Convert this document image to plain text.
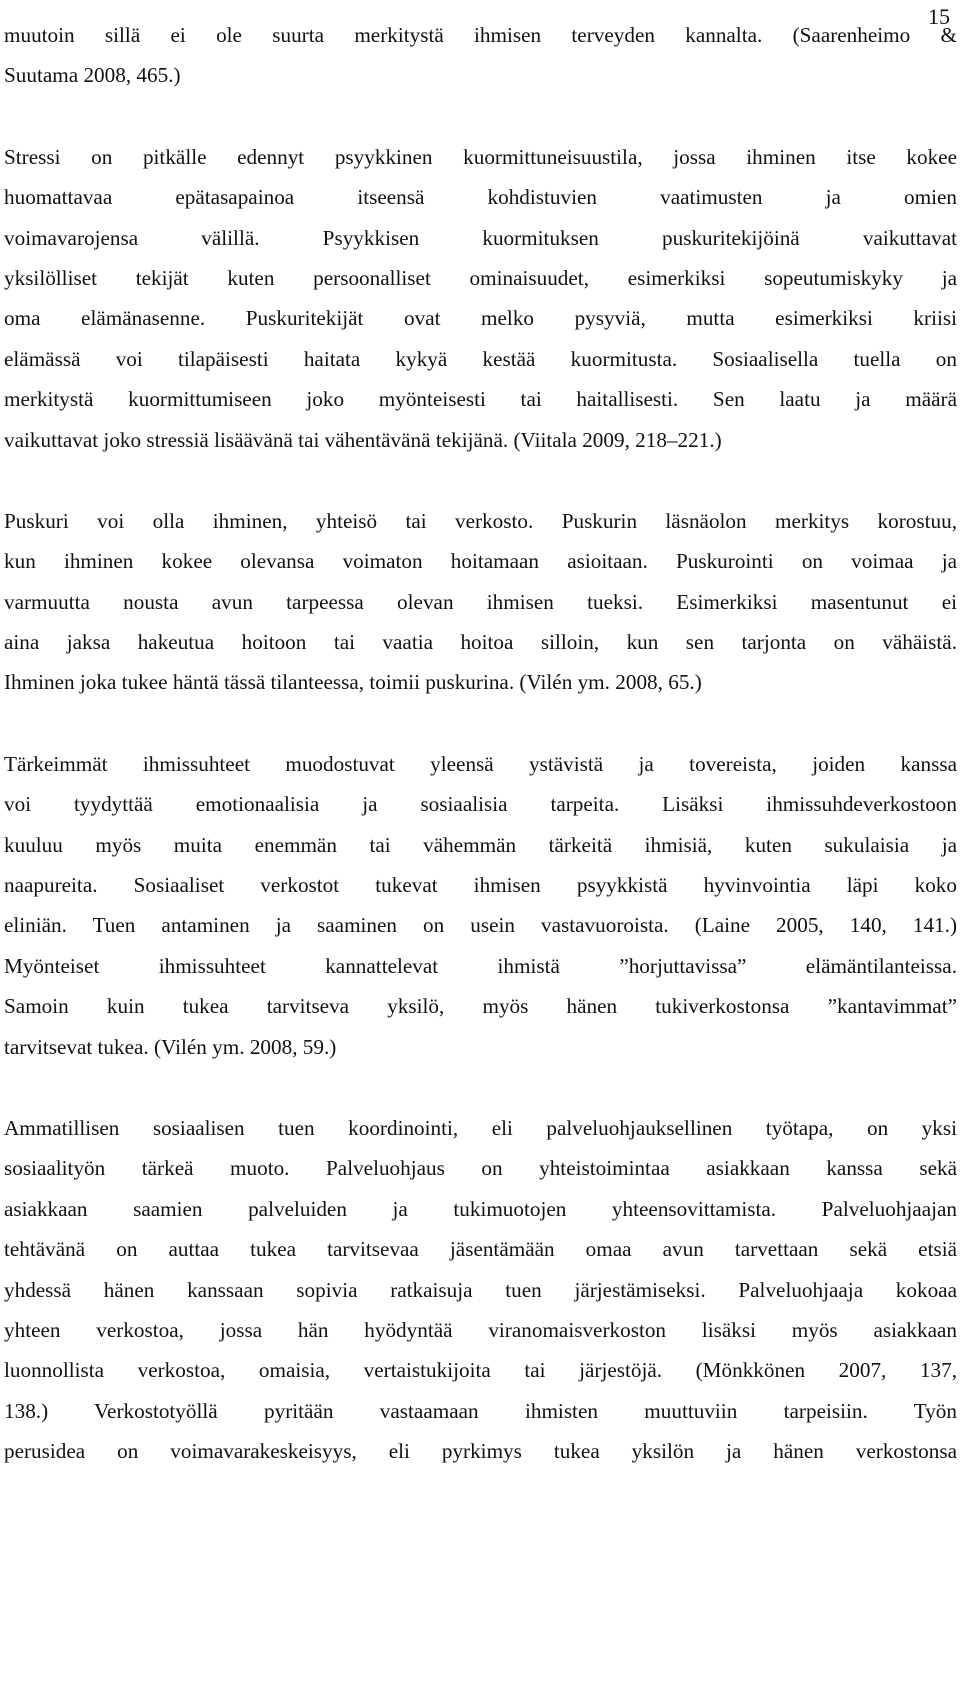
15

muutoin sillä ei ole suurta merkitystä ihmisen terveyden kannalta. (Saarenheimo &
Suutama 2008, 465.)

Stressi on pitkälle edennyt psyykkinen kuormittuneisuustila, jossa ihminen itse kokee
huomattavaa epätasapainoa itseensä kohdistuvien vaatimusten ja omien
voimavarojensa välillä. Psyykkisen kuormituksen puskuritekijöinä vaikuttavat
yksilölliset tekijät kuten persoonalliset ominaisuudet, esimerkiksi sopeutumiskyky ja
oma elämänasenne. Puskuritekijät ovat melko pysyviä, mutta esimerkiksi kriisi
elämässä voi tilapäisesti haitata kykyä kestää kuormitusta. Sosiaalisella tuella on
merkitystä kuormittumiseen joko myönteisesti tai haitallisesti. Sen laatu ja määrä
vaikuttavat joko stressiä lisäävänä tai vähentävänä tekijänä. (Viitala 2009, 218–221.)

Puskuri voi olla ihminen, yhteisö tai verkosto. Puskurin läsnäolon merkitys korostuu,
kun ihminen kokee olevansa voimaton hoitamaan asioitaan. Puskurointi on voimaa ja
varmuutta nousta avun tarpeessa olevan ihmisen tueksi. Esimerkiksi masentunut ei
aina jaksa hakeutua hoitoon tai vaatia hoitoa silloin, kun sen tarjonta on vähäistä.
Ihminen joka tukee häntä tässä tilanteessa, toimii puskurina. (Vilén ym. 2008, 65.)

Tärkeimmät ihmissuhteet muodostuvat yleensä ystävistä ja tovereista, joiden kanssa
voi tyydyttää emotionaalisia ja sosiaalisia tarpeita. Lisäksi ihmissuhdeverkostoon
kuuluu myös muita enemmän tai vähemmän tärkeitä ihmisiä, kuten sukulaisia ja
naapureita. Sosiaaliset verkostot tukevat ihmisen psyykkistä hyvinvointia läpi koko
eliniän. Tuen antaminen ja saaminen on usein vastavuoroista. (Laine 2005, 140, 141.)
Myönteiset ihmissuhteet kannattelevat ihmistä ”horjuttavissa” elämäntilanteissa.
Samoin kuin tukea tarvitseva yksilö, myös hänen tukiverkostonsa ”kantavimmat”
tarvitsevat tukea. (Vilén ym. 2008, 59.)

Ammatillisen sosiaalisen tuen koordinointi, eli palveluohjauksellinen työtapa, on yksi
sosiaalityön tärkeä muoto. Palveluohjaus on yhteistoimintaa asiakkaan kanssa sekä
asiakkaan saamien palveluiden ja tukimuotojen yhteensovittamista. Palveluohjaajan
tehtävänä on auttaa tukea tarvitsevaa jäsentämään omaa avun tarvettaan sekä etsiä
yhdessä hänen kanssaan sopivia ratkaisuja tuen järjestämiseksi. Palveluohjaaja kokoaa
yhteen verkostoa, jossa hän hyödyntää viranomaisverkoston lisäksi myös asiakkaan
luonnollista verkostoa, omaisia, vertaistukijoita tai järjestöjä. (Mönkkönen 2007, 137,
138.) Verkostotyöllä pyritään vastaamaan ihmisten muuttuviin tarpeisiin. Työn
perusidea on voimavarakeskeisyys, eli pyrkimys tukea yksilön ja hänen verkostonsa
